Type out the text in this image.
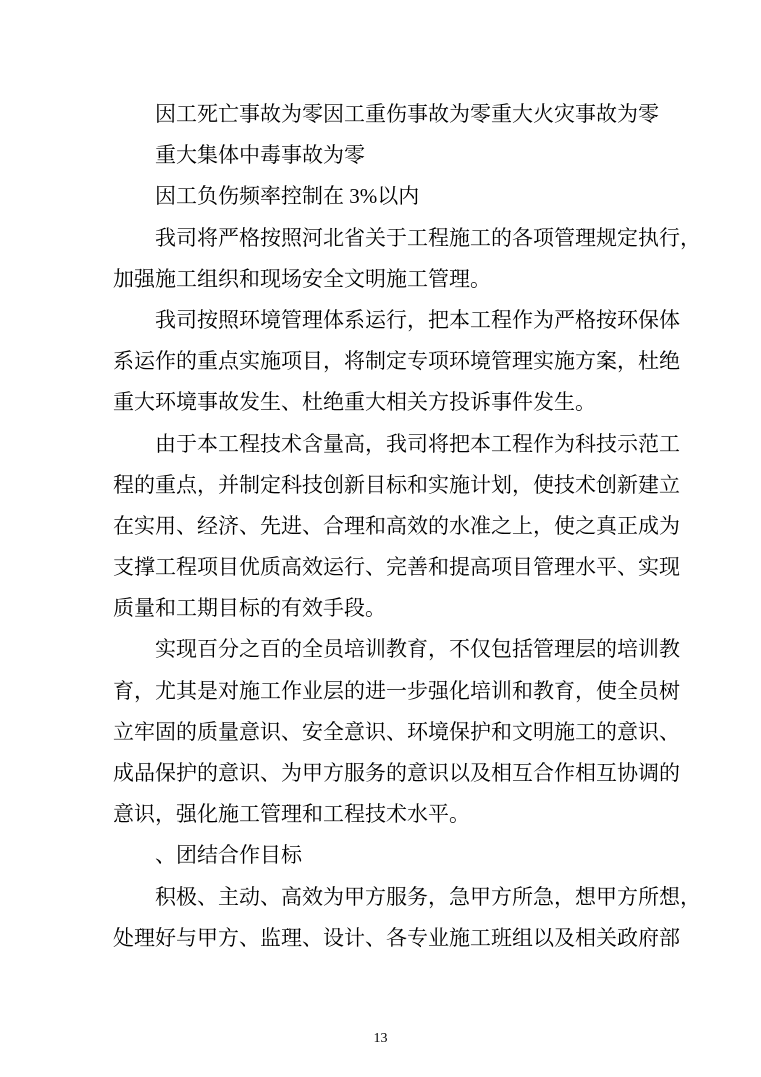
因工死亡事故为零因工重伤事故为零重大火灾事故为零
重大集体中毒事故为零
因工负伤频率控制在 3%以内
我司将严格按照河北省关于工程施工的各项管理规定执行，
加强施工组织和现场安全文明施工管理。
我司按照环境管理体系运行，把本工程作为严格按环保体
系运作的重点实施项目，将制定专项环境管理实施方案，杜绝
重大环境事故发生、杜绝重大相关方投诉事件发生。
由于本工程技术含量高，我司将把本工程作为科技示范工
程的重点，并制定科技创新目标和实施计划，使技术创新建立
在实用、经济、先进、合理和高效的水准之上，使之真正成为
支撑工程项目优质高效运行、完善和提高项目管理水平、实现
质量和工期目标的有效手段。
实现百分之百的全员培训教育，不仅包括管理层的培训教
育，尤其是对施工作业层的进一步强化培训和教育，使全员树
立牢固的质量意识、安全意识、环境保护和文明施工的意识、
成品保护的意识、为甲方服务的意识以及相互合作相互协调的
意识，强化施工管理和工程技术水平。
、团结合作目标
积极、主动、高效为甲方服务，急甲方所急，想甲方所想，
处理好与甲方、监理、设计、各专业施工班组以及相关政府部
13
